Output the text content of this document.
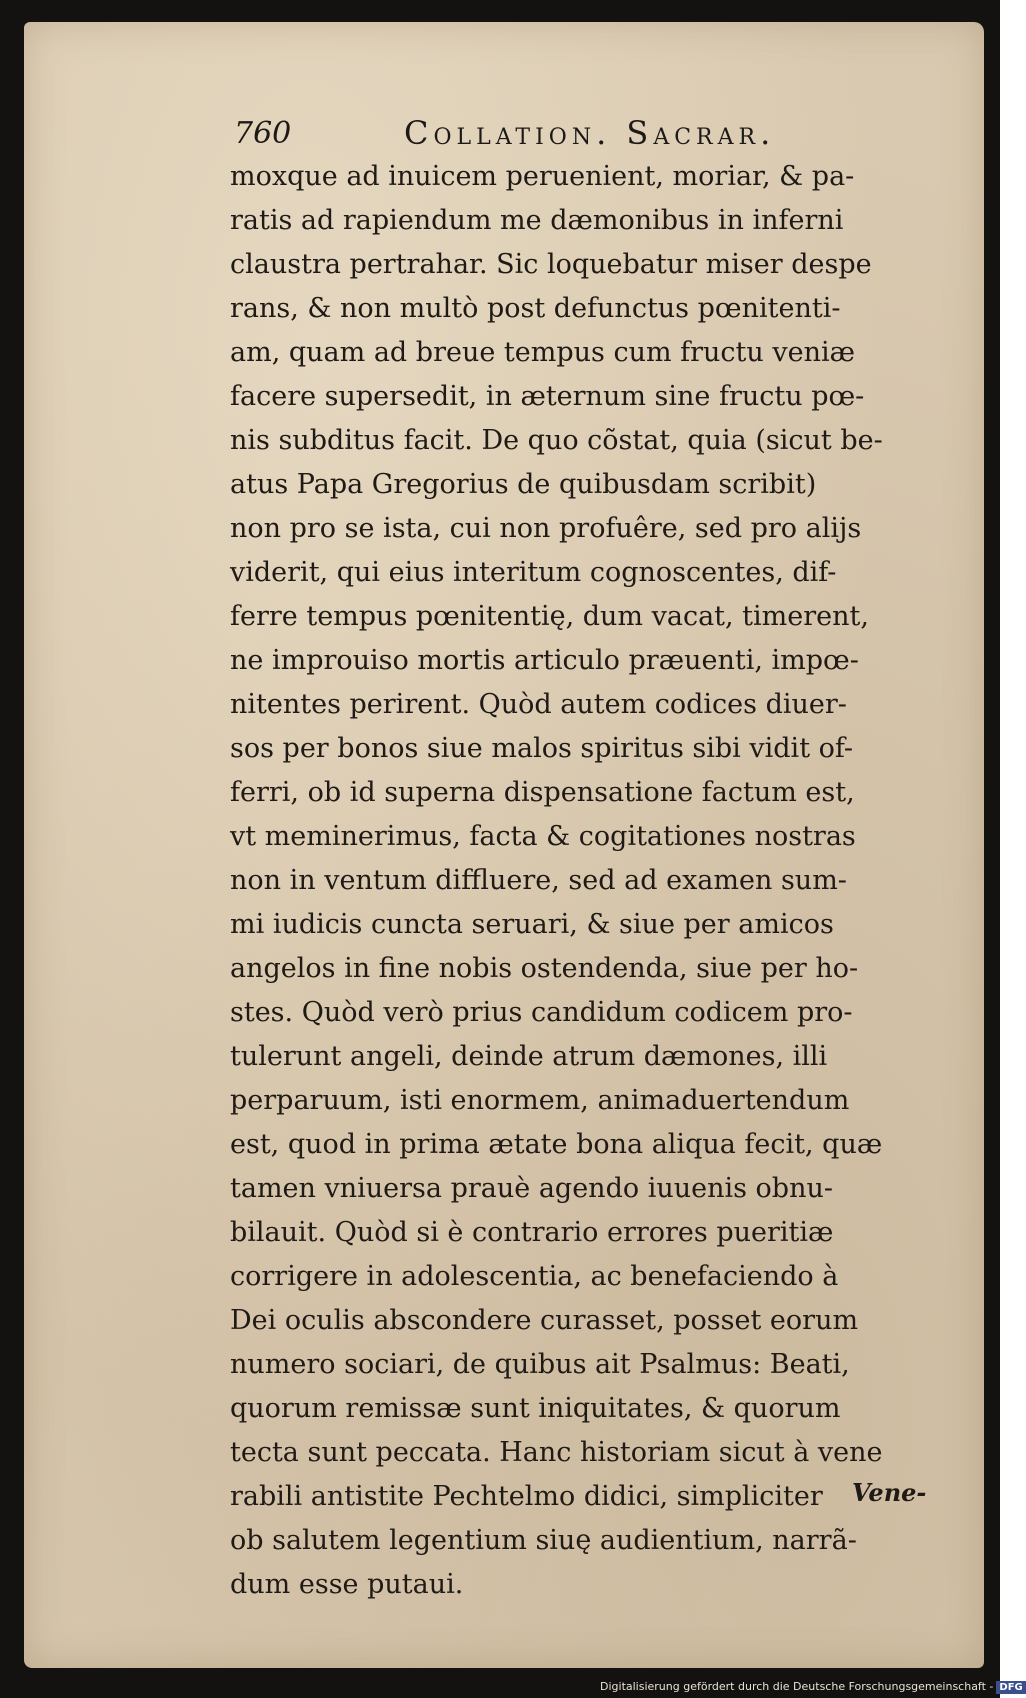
760	Collation. Sacrar.
moxque ad inuicem peruenient, moriar, & pa-
ratis ad rapiendum me dæmonibus in inferni
claustra pertrahar. Sic loquebatur miser despe
rans, & non multò post defunctus pœnitenti-
am, quam ad breue tempus cum fructu veniæ
facere supersedit, in æternum sine fructu pœ-
nis subditus facit. De quo cõstat, quia (sicut be-
atus Papa Gregorius de quibusdam scribit)
non pro se ista, cui non profuêre, sed pro alijs
viderit, qui eius interitum cognoscentes, dif-
ferre tempus pœnitentię, dum vacat, timerent,
ne improuiso mortis articulo præuenti, impœ-
nitentes perirent. Quòd autem codices diuer-
sos per bonos siue malos spiritus sibi vidit of-
ferri, ob id superna dispensatione factum est,
vt meminerimus, facta & cogitationes nostras
non in ventum diffluere, sed ad examen sum-
mi iudicis cuncta seruari, & siue per amicos
angelos in fine nobis ostendenda, siue per ho-
stes. Quòd verò prius candidum codicem pro-
tulerunt angeli, deinde atrum dæmones, illi
perparuum, isti enormem, animaduertendum
est, quod in prima ætate bona aliqua fecit, quæ
tamen vniuersa prauè agendo iuuenis obnu-
bilauit. Quòd si è contrario errores pueritiæ
corrigere in adolescentia, ac benefaciendo à
Dei oculis abscondere curasset, posset eorum
numero sociari, de quibus ait Psalmus: Beati,
quorum remissæ sunt iniquitates, & quorum
tecta sunt peccata. Hanc historiam sicut à vene
rabili antistite Pechtelmo didici, simpliciter
ob salutem legentium siuę audientium, narrã-
dum esse putaui.
Vene-
Digitalisierung gefördert durch die Deutsche Forschungsgemeinschaft - DFG
